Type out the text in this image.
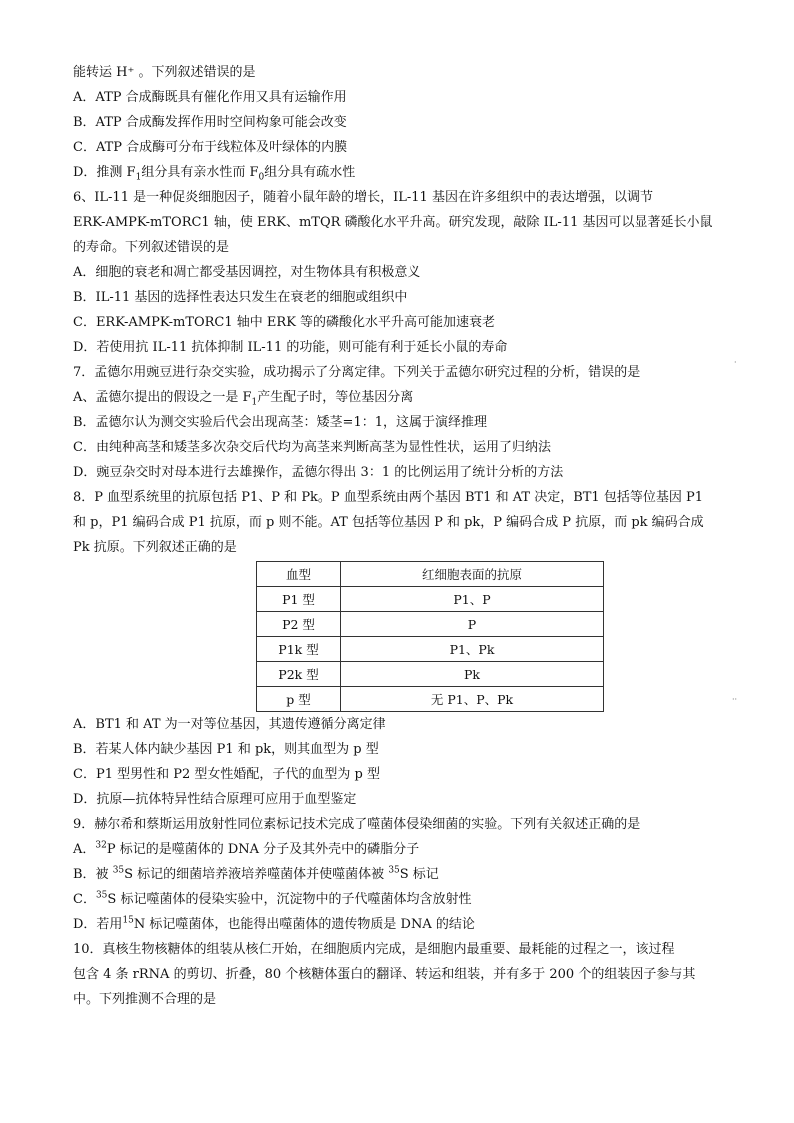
能转运 H⁺ 。下列叙述错误的是
A．ATP 合成酶既具有催化作用又具有运输作用
B．ATP 合成酶发挥作用时空间构象可能会改变
C．ATP 合成酶可分布于线粒体及叶绿体的内膜
D．推测 $F_1$组分具有亲水性而 $F_0$组分具有疏水性
6、IL-11 是一种促炎细胞因子，随着小鼠年龄的增长，IL-11 基因在许多组织中的表达增强，以调节
ERK-AMPK-mTORC1 轴，使 ERK、mTQR 磷酸化水平升高。研究发现，敲除 IL-11 基因可以显著延长小鼠
的寿命。下列叙述错误的是
A．细胞的衰老和凋亡都受基因调控，对生物体具有积极意义
B．IL-11 基因的选择性表达只发生在衰老的细胞或组织中
C．ERK-AMPK-mTORC1 轴中 ERK 等的磷酸化水平升高可能加速衰老
D．若使用抗 IL-11 抗体抑制 IL-11 的功能，则可能有利于延长小鼠的寿命
7．孟德尔用豌豆进行杂交实验，成功揭示了分离定律。下列关于孟德尔研究过程的分析，错误的是
A、孟德尔提出的假设之一是 $F_1$产生配子时，等位基因分离
B．孟德尔认为测交实验后代会出现高茎：矮茎=1：1，这属于演绎推理
C．由纯种高茎和矮茎多次杂交后代均为高茎来判断高茎为显性性状，运用了归纳法
D．豌豆杂交时对母本进行去雄操作，孟德尔得出 3：1 的比例运用了统计分析的方法
8．P 血型系统里的抗原包括 P1、P 和 Pk。P 血型系统由两个基因 BT1 和 AT 决定，BT1 包括等位基因 P1
和 p，P1 编码合成 P1 抗原，而 p 则不能。AT 包括等位基因 P 和 pk，P 编码合成 P 抗原，而 pk 编码合成
Pk 抗原。下列叙述正确的是
血型	红细胞表面的抗原
P1 型	P1、P
P2 型	P
P1k 型	P1、Pk
P2k 型	Pk
p 型	无 P1、P、Pk
A．BT1 和 AT 为一对等位基因，其遗传遵循分离定律
B．若某人体内缺少基因 P1 和 pk，则其血型为 p 型
C．P1 型男性和 P2 型女性婚配，子代的血型为 p 型
D．抗原—抗体特异性结合原理可应用于血型鉴定
9．赫尔希和蔡斯运用放射性同位素标记技术完成了噬菌体侵染细菌的实验。下列有关叙述正确的是
A．$^{32}$P 标记的是噬菌体的 DNA 分子及其外壳中的磷脂分子
B．被 $^{35}$S 标记的细菌培养液培养噬菌体并使噬菌体被 $^{35}$S 标记
C．$^{35}$S 标记噬菌体的侵染实验中，沉淀物中的子代噬菌体均含放射性
D．若用$^{15}$N 标记噬菌体，也能得出噬菌体的遗传物质是 DNA 的结论
10．真核生物核糖体的组装从核仁开始，在细胞质内完成，是细胞内最重要、最耗能的过程之一，该过程
包含 4 条 rRNA 的剪切、折叠，80 个核糖体蛋白的翻译、转运和组装，并有多于 200 个的组装因子参与其
中。下列推测不合理的是
·
··
